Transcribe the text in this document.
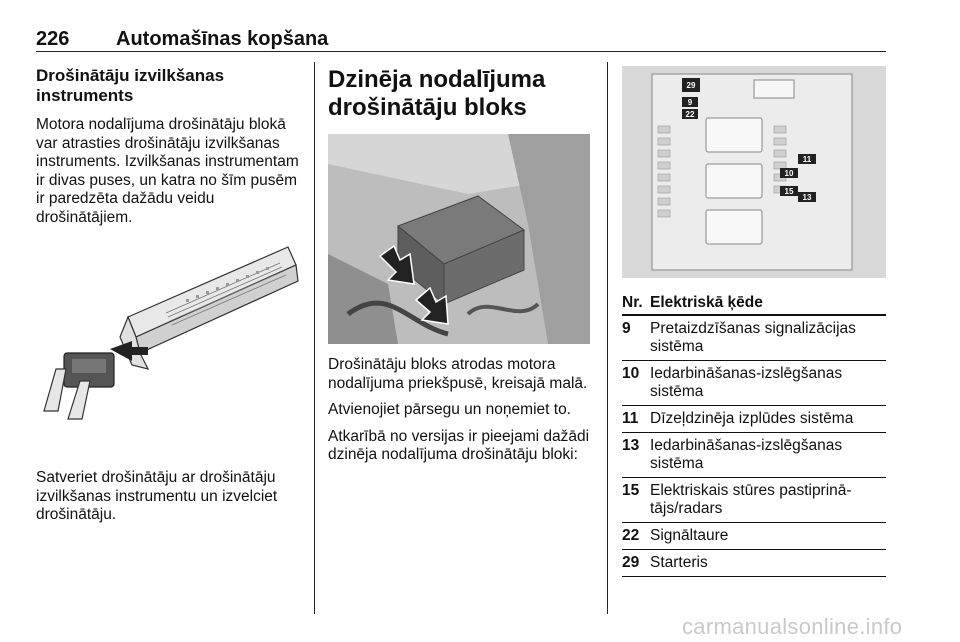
226 Automašīnas kopšana
Drošinātāju izvilkšanas instruments
Motora nodalījuma drošinātāju blokā var atrasties drošinātāju izvilkšanas instruments. Izvilkšanas instrumentam ir divas puses, un katra no šīm pusēm ir paredzēta dažādu veidu drošinātājiem.
Satveriet drošinātāju ar drošinātāju izvilkšanas instrumentu un izvelciet drošinātāju.
Dzinēja nodalījuma drošinātāju bloks
Drošinātāju bloks atrodas motora nodalījuma priekšpusē, kreisajā malā.
Atvienojiet pārsegu un noņemiet to.
Atkarībā no versijas ir pieejami dažādi dzinēja nodalījuma drošinātāju bloki:
29
9
22
11
10
15
13
Nr. Elektriskā ķēde
9	Pretaizdzīšanas signalizācijas sistēma
10 Iedarbināšanas-izslēgšanas sistēma
11 Dīzeļdzinēja izplūdes sistēma
13 Iedarbināšanas-izslēgšanas sistēma
15 Elektriskais stūres pastiprinā-tājs/radars
22 Signāltaure
29 Starteris
carmanualsonline.info
